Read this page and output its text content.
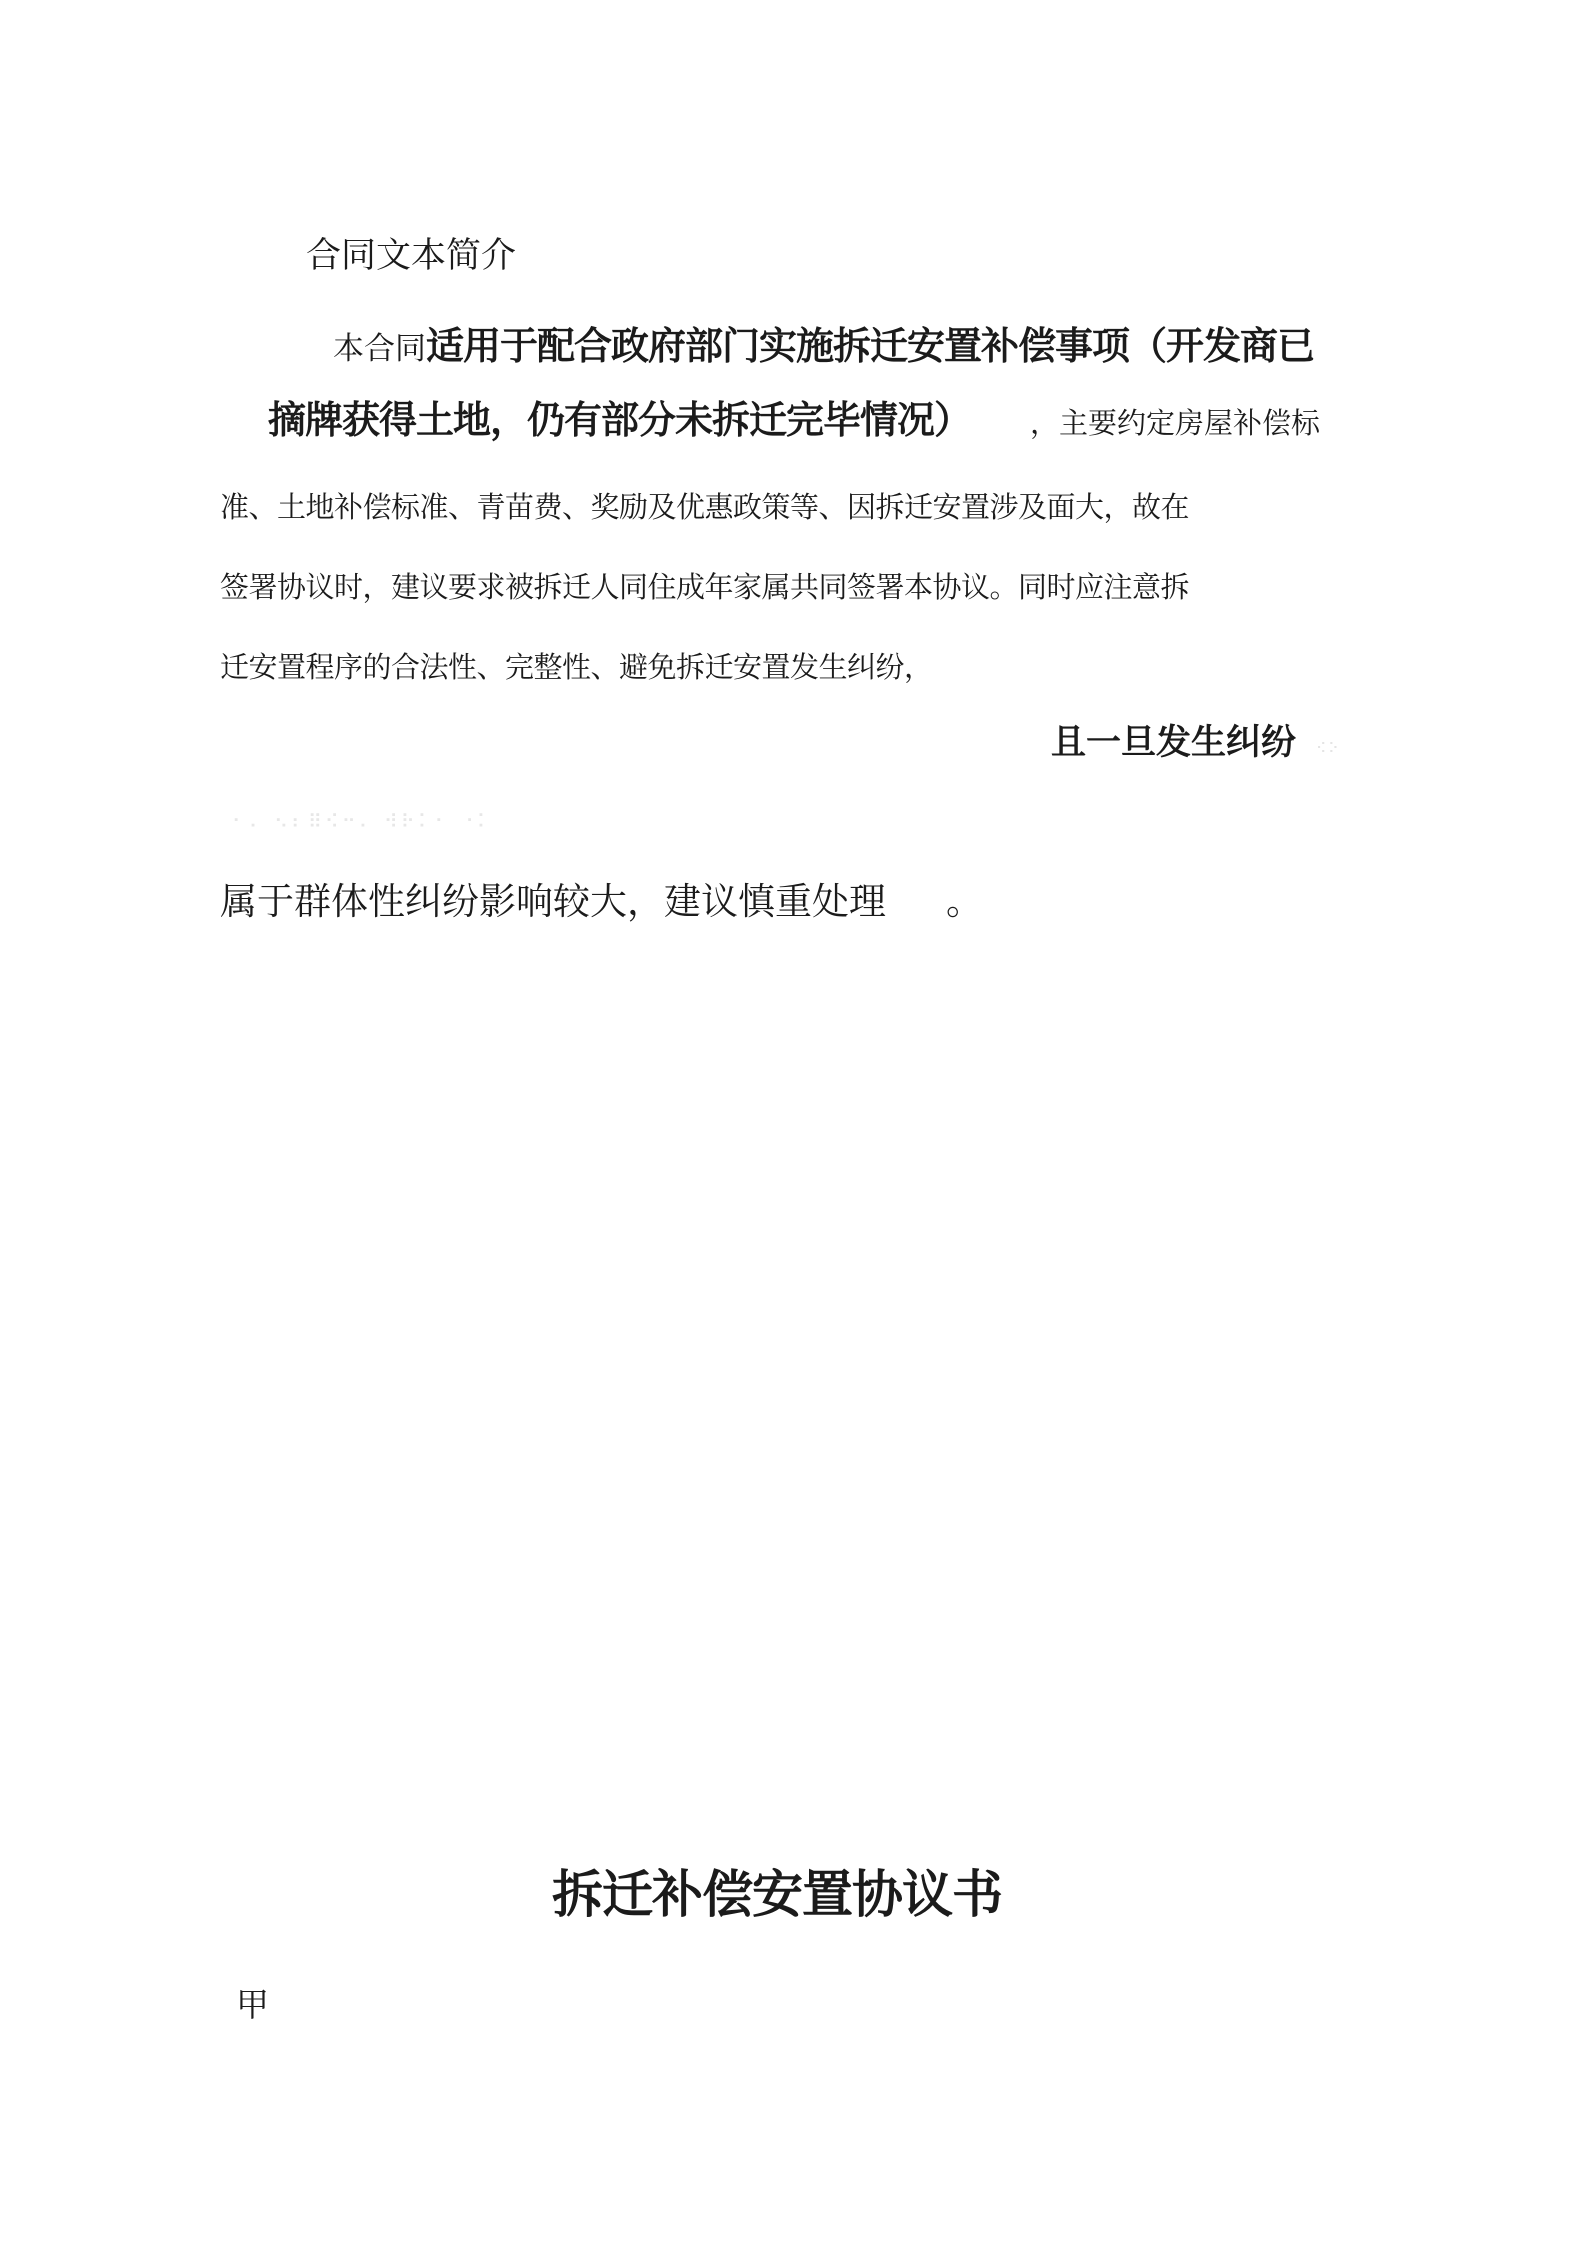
合同文本简介
本合同适用于配合政府部门实施拆迁安置补偿事项（开发商已
摘牌获得土地，仍有部分未拆迁完毕情况）	，主要约定房屋补偿标
准、土地补偿标准、青苗费、奖励及优惠政策等、因拆迁安置涉及面大，故在
签署协议时，建议要求被拆迁人同住成年家属共同签署本协议。同时应注意拆
迁安置程序的合法性、完整性、避免拆迁安置发生纠纷，
且一旦发生纠纷 ⠪⠕
⠂⠄ ⠢⠆⠿⠪⠒⠄ ⠺⠗⠅⠂ ⠐⠅
属于群体性纠纷影响较大，建议慎重处理 。
拆迁补偿安置协议书
甲
